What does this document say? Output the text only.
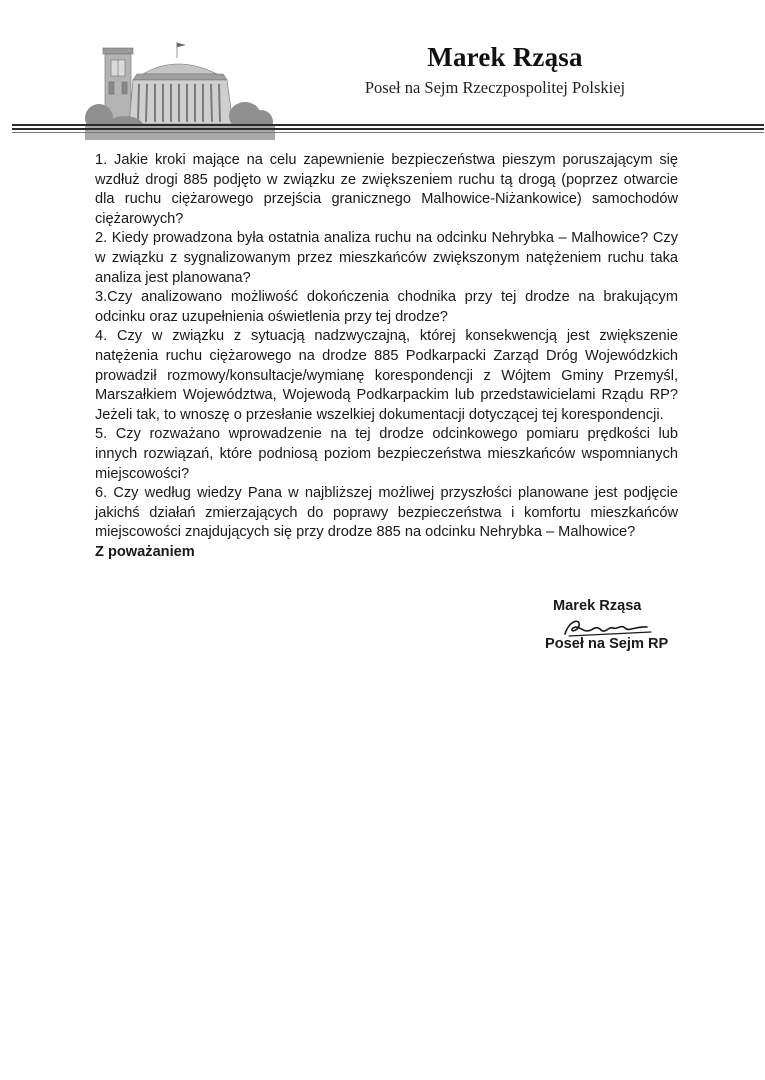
Marek Rząsa
Poseł na Sejm Rzeczpospolitej Polskiej

1. Jakie kroki mające na celu zapewnienie bezpieczeństwa pieszym poruszającym się wzdłuż drogi 885 podjęto w związku ze zwiększeniem ruchu tą drogą (poprzez otwarcie dla ruchu ciężarowego przejścia granicznego Malhowice-Niżankowice) samochodów ciężarowych?

2. Kiedy prowadzona była ostatnia analiza ruchu na odcinku Nehrybka – Malhowice? Czy w związku z sygnalizowanym przez mieszkańców zwiększonym natężeniem ruchu taka analiza jest planowana?

3.Czy analizowano możliwość dokończenia chodnika przy tej drodze na brakującym odcinku oraz uzupełnienia oświetlenia przy tej drodze?

4. Czy w związku z sytuacją nadzwyczajną, której konsekwencją jest zwiększenie natężenia ruchu ciężarowego na drodze 885 Podkarpacki Zarząd Dróg Wojewódzkich prowadził rozmowy/konsultacje/wymianę korespondencji z Wójtem Gminy Przemyśl, Marszałkiem Województwa, Wojewodą Podkarpackim lub przedstawicielami Rządu RP? Jeżeli tak, to wnoszę o przesłanie wszelkiej dokumentacji dotyczącej tej korespondencji.

5. Czy rozważano wprowadzenie na tej drodze odcinkowego pomiaru prędkości lub innych rozwiązań, które podniosą poziom bezpieczeństwa mieszkańców wspomnianych miejscowości?

6. Czy według wiedzy Pana w najbliższej możliwej przyszłości planowane jest podjęcie jakichś działań zmierzających do poprawy bezpieczeństwa i komfortu mieszkańców miejscowości znajdujących się przy drodze 885 na odcinku Nehrybka – Malhowice?

Z poważaniem

Marek Rząsa
Poseł na Sejm RP
